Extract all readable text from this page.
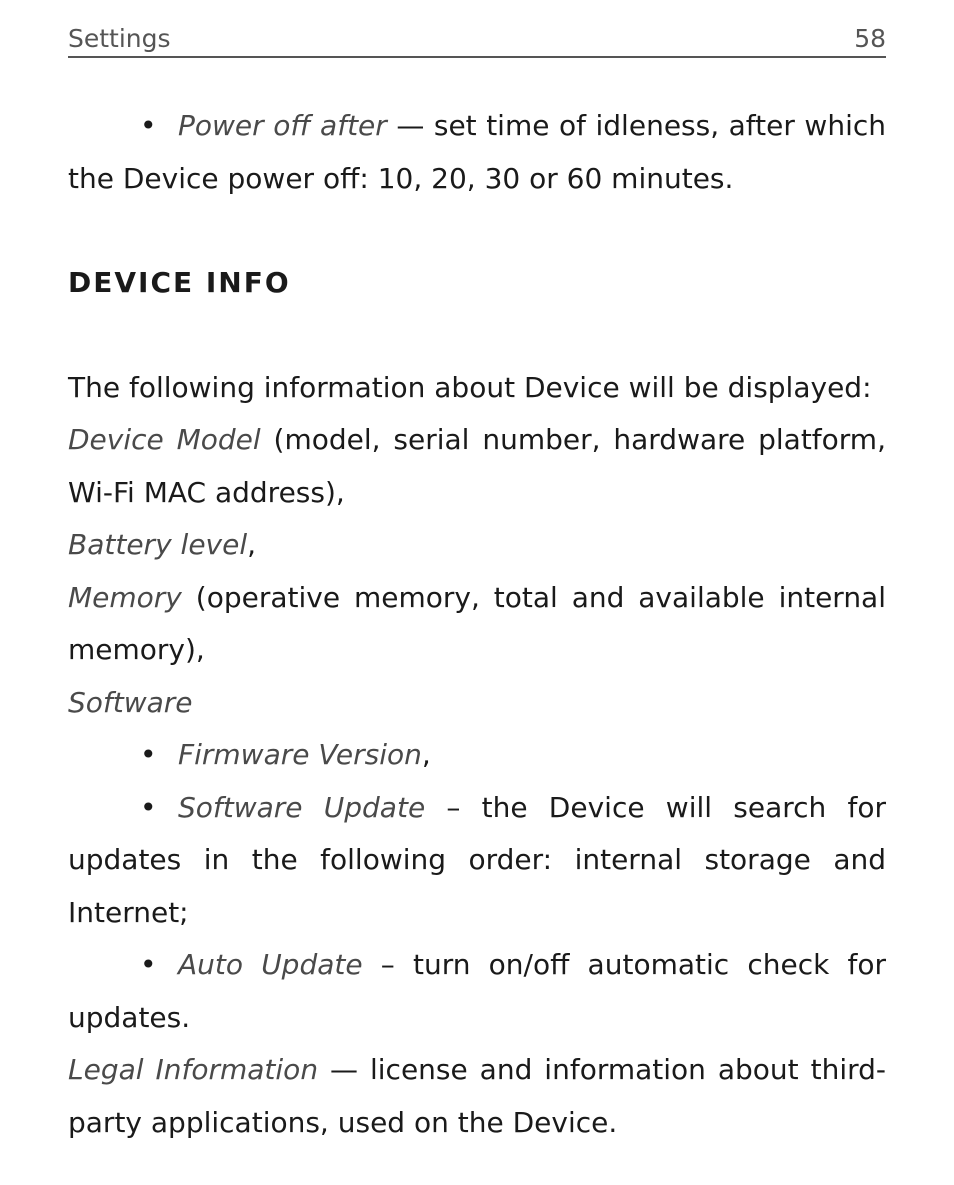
Settings	58

• Power off after — set time of idleness, after which the Device power off: 10, 20, 30 or 60 minutes.

DEVICE INFO

The following information about Device will be displayed:

Device Model (model, serial number, hardware platform, Wi-Fi MAC address),

Battery level,

Memory (operative memory, total and available internal memory),

Software

• Firmware Version,

• Software Update – the Device will search for updates in the following order: internal storage and Internet;

• Auto Update – turn on/off automatic check for updates.

Legal Information — license and information about third-party applications, used on the Device.
